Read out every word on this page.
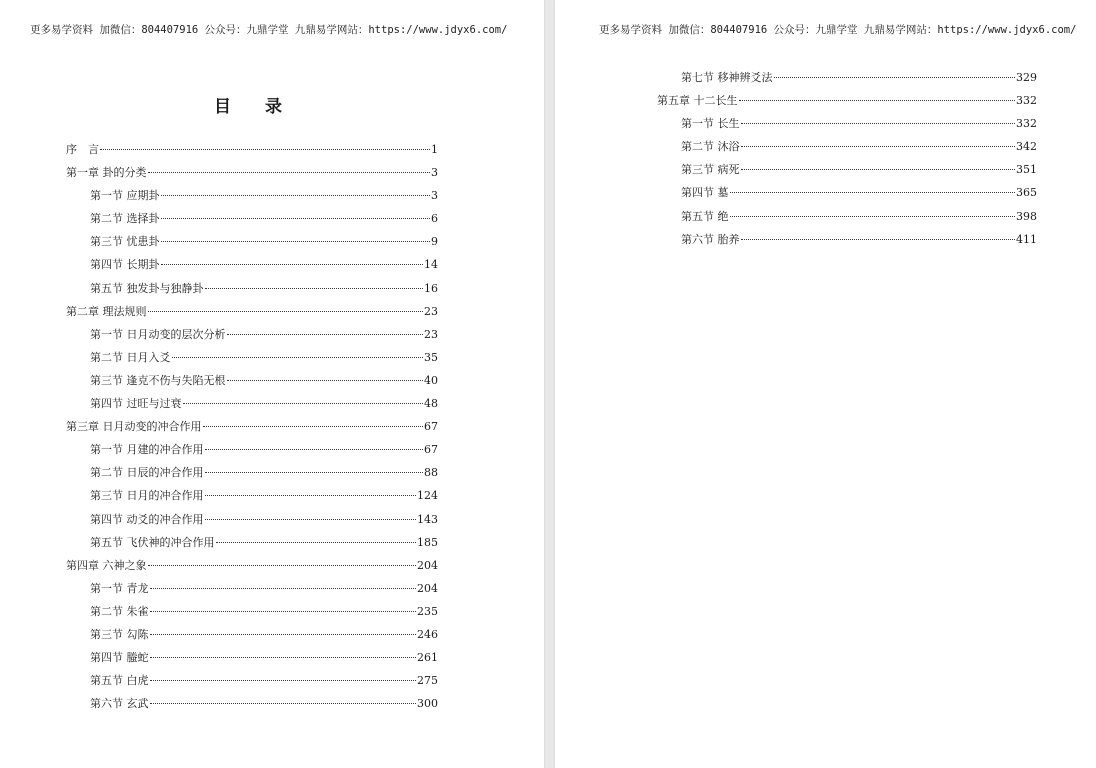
更多易学资料 加微信：804407916 公众号：九鼎学堂 九鼎易学网站：https://www.jdyx6.com/
目 录
序　言	1
第一章 卦的分类	3
第一节 应期卦	3
第二节 选择卦	6
第三节 忧患卦	9
第四节 长期卦	14
第五节 独发卦与独静卦	16
第二章 理法规则	23
第一节 日月动变的层次分析	23
第二节 日月入爻	35
第三节 逢克不伤与失陷无根	40
第四节 过旺与过衰	48
第三章 日月动变的冲合作用	67
第一节 月建的冲合作用	67
第二节 日辰的冲合作用	88
第三节 日月的冲合作用	124
第四节 动爻的冲合作用	143
第五节 飞伏神的冲合作用	185
第四章 六神之象	204
第一节 青龙	204
第二节 朱雀	235
第三节 勾陈	246
第四节 螣蛇	261
第五节 白虎	275
第六节 玄武	300
更多易学资料 加微信：804407916 公众号：九鼎学堂 九鼎易学网站：https://www.jdyx6.com/
第七节 移神辨爻法	329
第五章 十二长生	332
第一节 长生	332
第二节 沐浴	342
第三节 病死	351
第四节 墓	365
第五节 绝	398
第六节 胎养	411
